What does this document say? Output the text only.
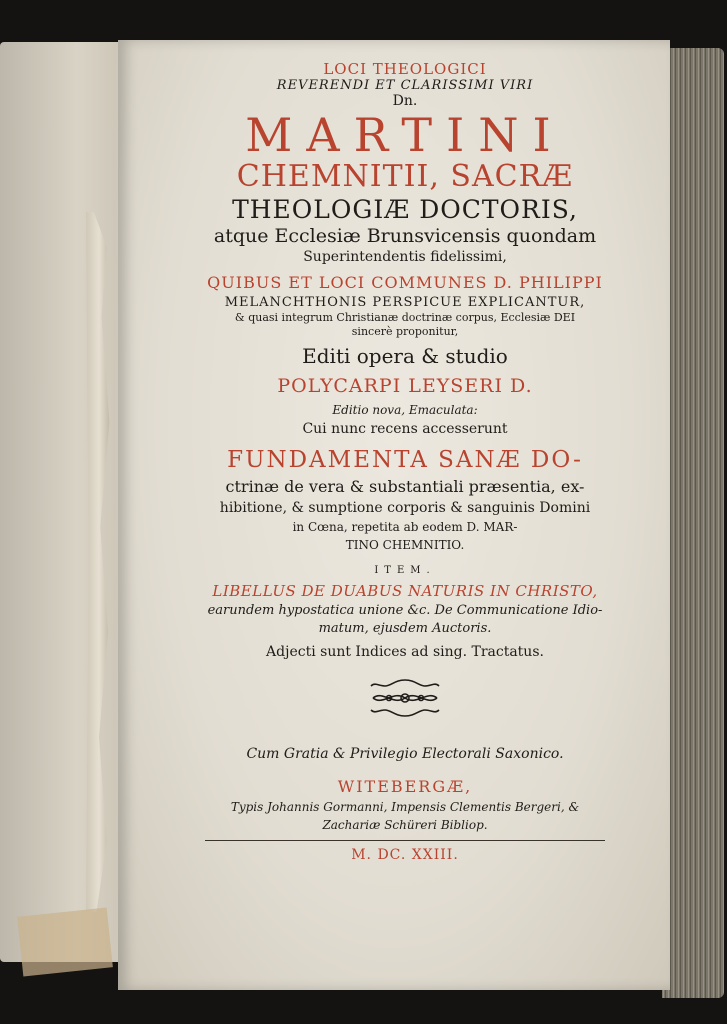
LOCI THEOLOGICI
REVERENDI ET CLARISSIMI VIRI
Dn.
MARTINI
CHEMNITII, SACRÆ
THEOLOGIÆ DOCTORIS,
atque Ecclesiæ Brunsvicensis quondam
Superintendentis fidelissimi,
QUIBUS ET LOCI COMMUNES D. PHILIPPI
MELANCHTHONIS PERSPICUE EXPLICANTUR,
& quasi integrum Christianæ doctrinæ corpus, Ecclesiæ DEI
sincerè proponitur,
Editi opera & studio
POLYCARPI LEYSERI D.
Editio nova, Emaculata:
Cui nunc recens accesserunt
FUNDAMENTA SANÆ DO-
ctrinæ de vera & substantiali præsentia, ex-
hibitione, & sumptione corporis & sanguinis Domini
in Cœna, repetita ab eodem D. MAR-
TINO CHEMNITIO.
ITEM.
LIBELLUS DE DUABUS NATURIS IN CHRISTO,
earundem hypostatica unione &c. De Communicatione Idio-
matum, ejusdem Auctoris.
Adjecti sunt Indices ad sing. Tractatus.
Cum Gratia & Privilegio Electorali Saxonico.
WITEBERGÆ,
Typis Johannis Gormanni, Impensis Clementis Bergeri, &
Zachariæ Schüreri Bibliop.
M. DC. XXIII.
